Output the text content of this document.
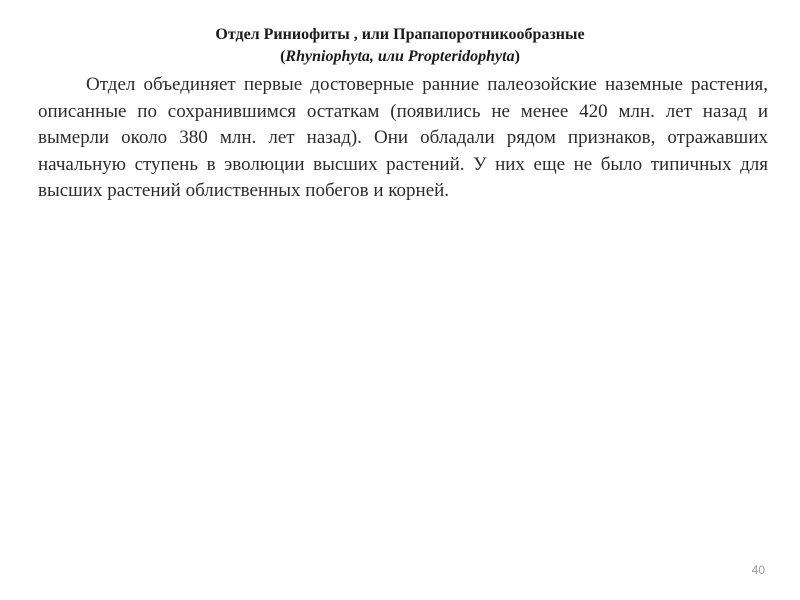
Отдел Риниофиты , или Прапапоротникообразные
(Rhyniophyta, или Propteridophyta)

Отдел объединяет первые достоверные ранние палеозойские наземные растения, описанные по сохранившимся остаткам (появились не менее 420 млн. лет назад и вымерли около 380 млн. лет назад). Они обладали рядом признаков, отражавших начальную ступень в эволюции высших растений. У них еще не было типичных для высших растений облиственных побегов и корней.

40
